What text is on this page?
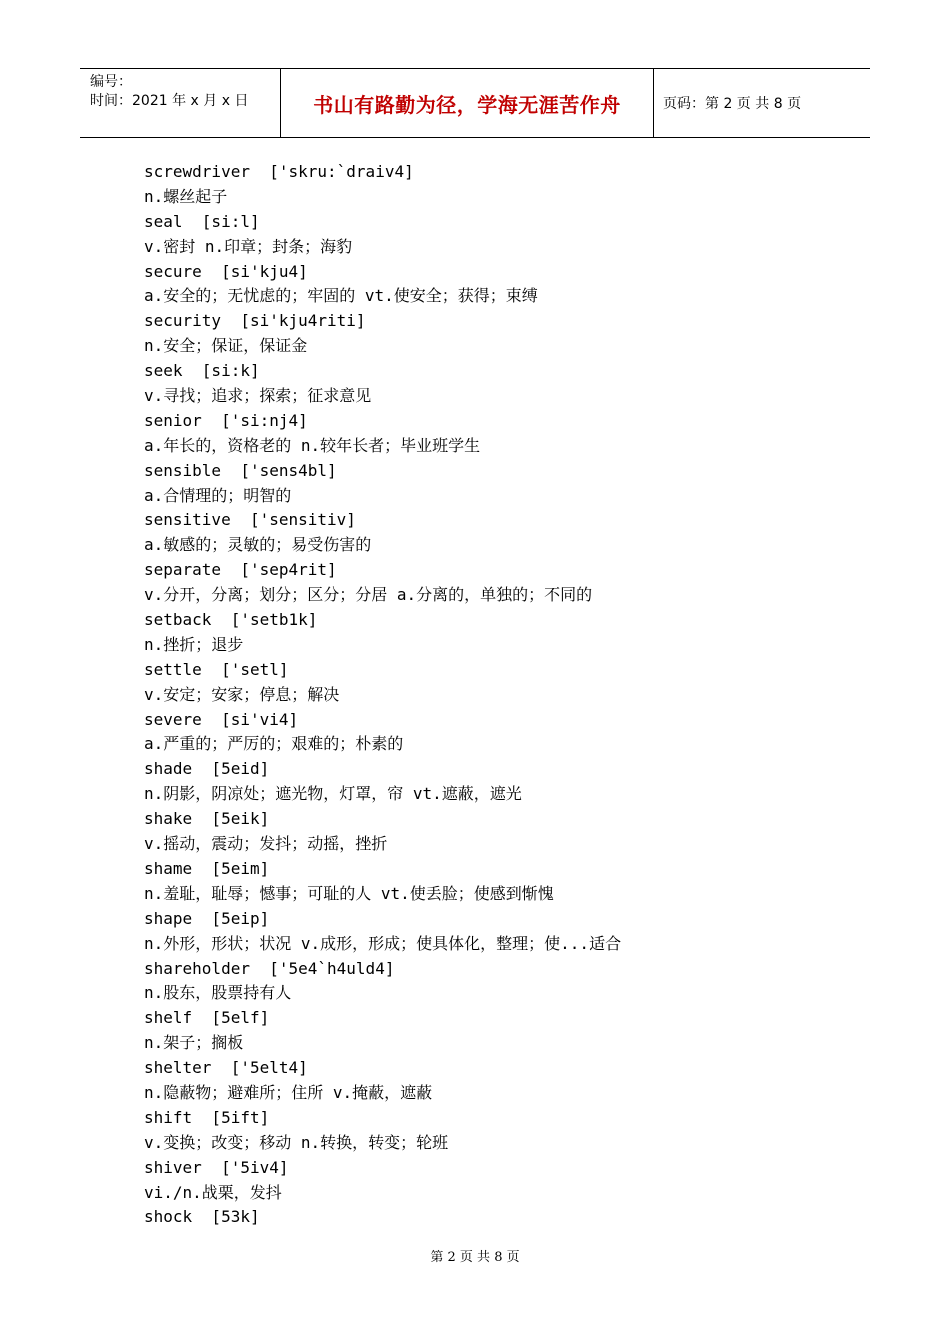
编号：
时间：2021 年 x 月 x 日	书山有路勤为径，学海无涯苦作舟	页码：第 2 页 共 8 页
screwdriver  ['skru:`draiv4]
n.螺丝起子
seal  [si:l]
v.密封 n.印章；封条；海豹
secure  [si'kju4]
a.安全的；无忧虑的；牢固的 vt.使安全；获得；束缚
security  [si'kju4riti]
n.安全；保证，保证金
seek  [si:k]
v.寻找；追求；探索；征求意见
senior  ['si:nj4]
a.年长的，资格老的 n.较年长者；毕业班学生
sensible  ['sens4bl]
a.合情理的；明智的
sensitive  ['sensitiv]
a.敏感的；灵敏的；易受伤害的
separate  ['sep4rit]
v.分开，分离；划分；区分；分居 a.分离的，单独的；不同的
setback  ['setb1k]
n.挫折；退步
settle  ['setl]
v.安定；安家；停息；解决
severe  [si'vi4]
a.严重的；严厉的；艰难的；朴素的
shade  [5eid]
n.阴影，阴凉处；遮光物，灯罩，帘 vt.遮蔽，遮光
shake  [5eik]
v.摇动，震动；发抖；动摇，挫折
shame  [5eim]
n.羞耻，耻辱；憾事；可耻的人 vt.使丢脸；使感到惭愧
shape  [5eip]
n.外形，形状；状况 v.成形，形成；使具体化，整理；使...适合
shareholder  ['5e4`h4uld4]
n.股东，股票持有人
shelf  [5elf]
n.架子；搁板
shelter  ['5elt4]
n.隐蔽物；避难所；住所 v.掩蔽，遮蔽
shift  [5ift]
v.变换；改变；移动 n.转换，转变；轮班
shiver  ['5iv4]
vi./n.战栗，发抖
shock  [53k]
第 2 页 共 8 页
